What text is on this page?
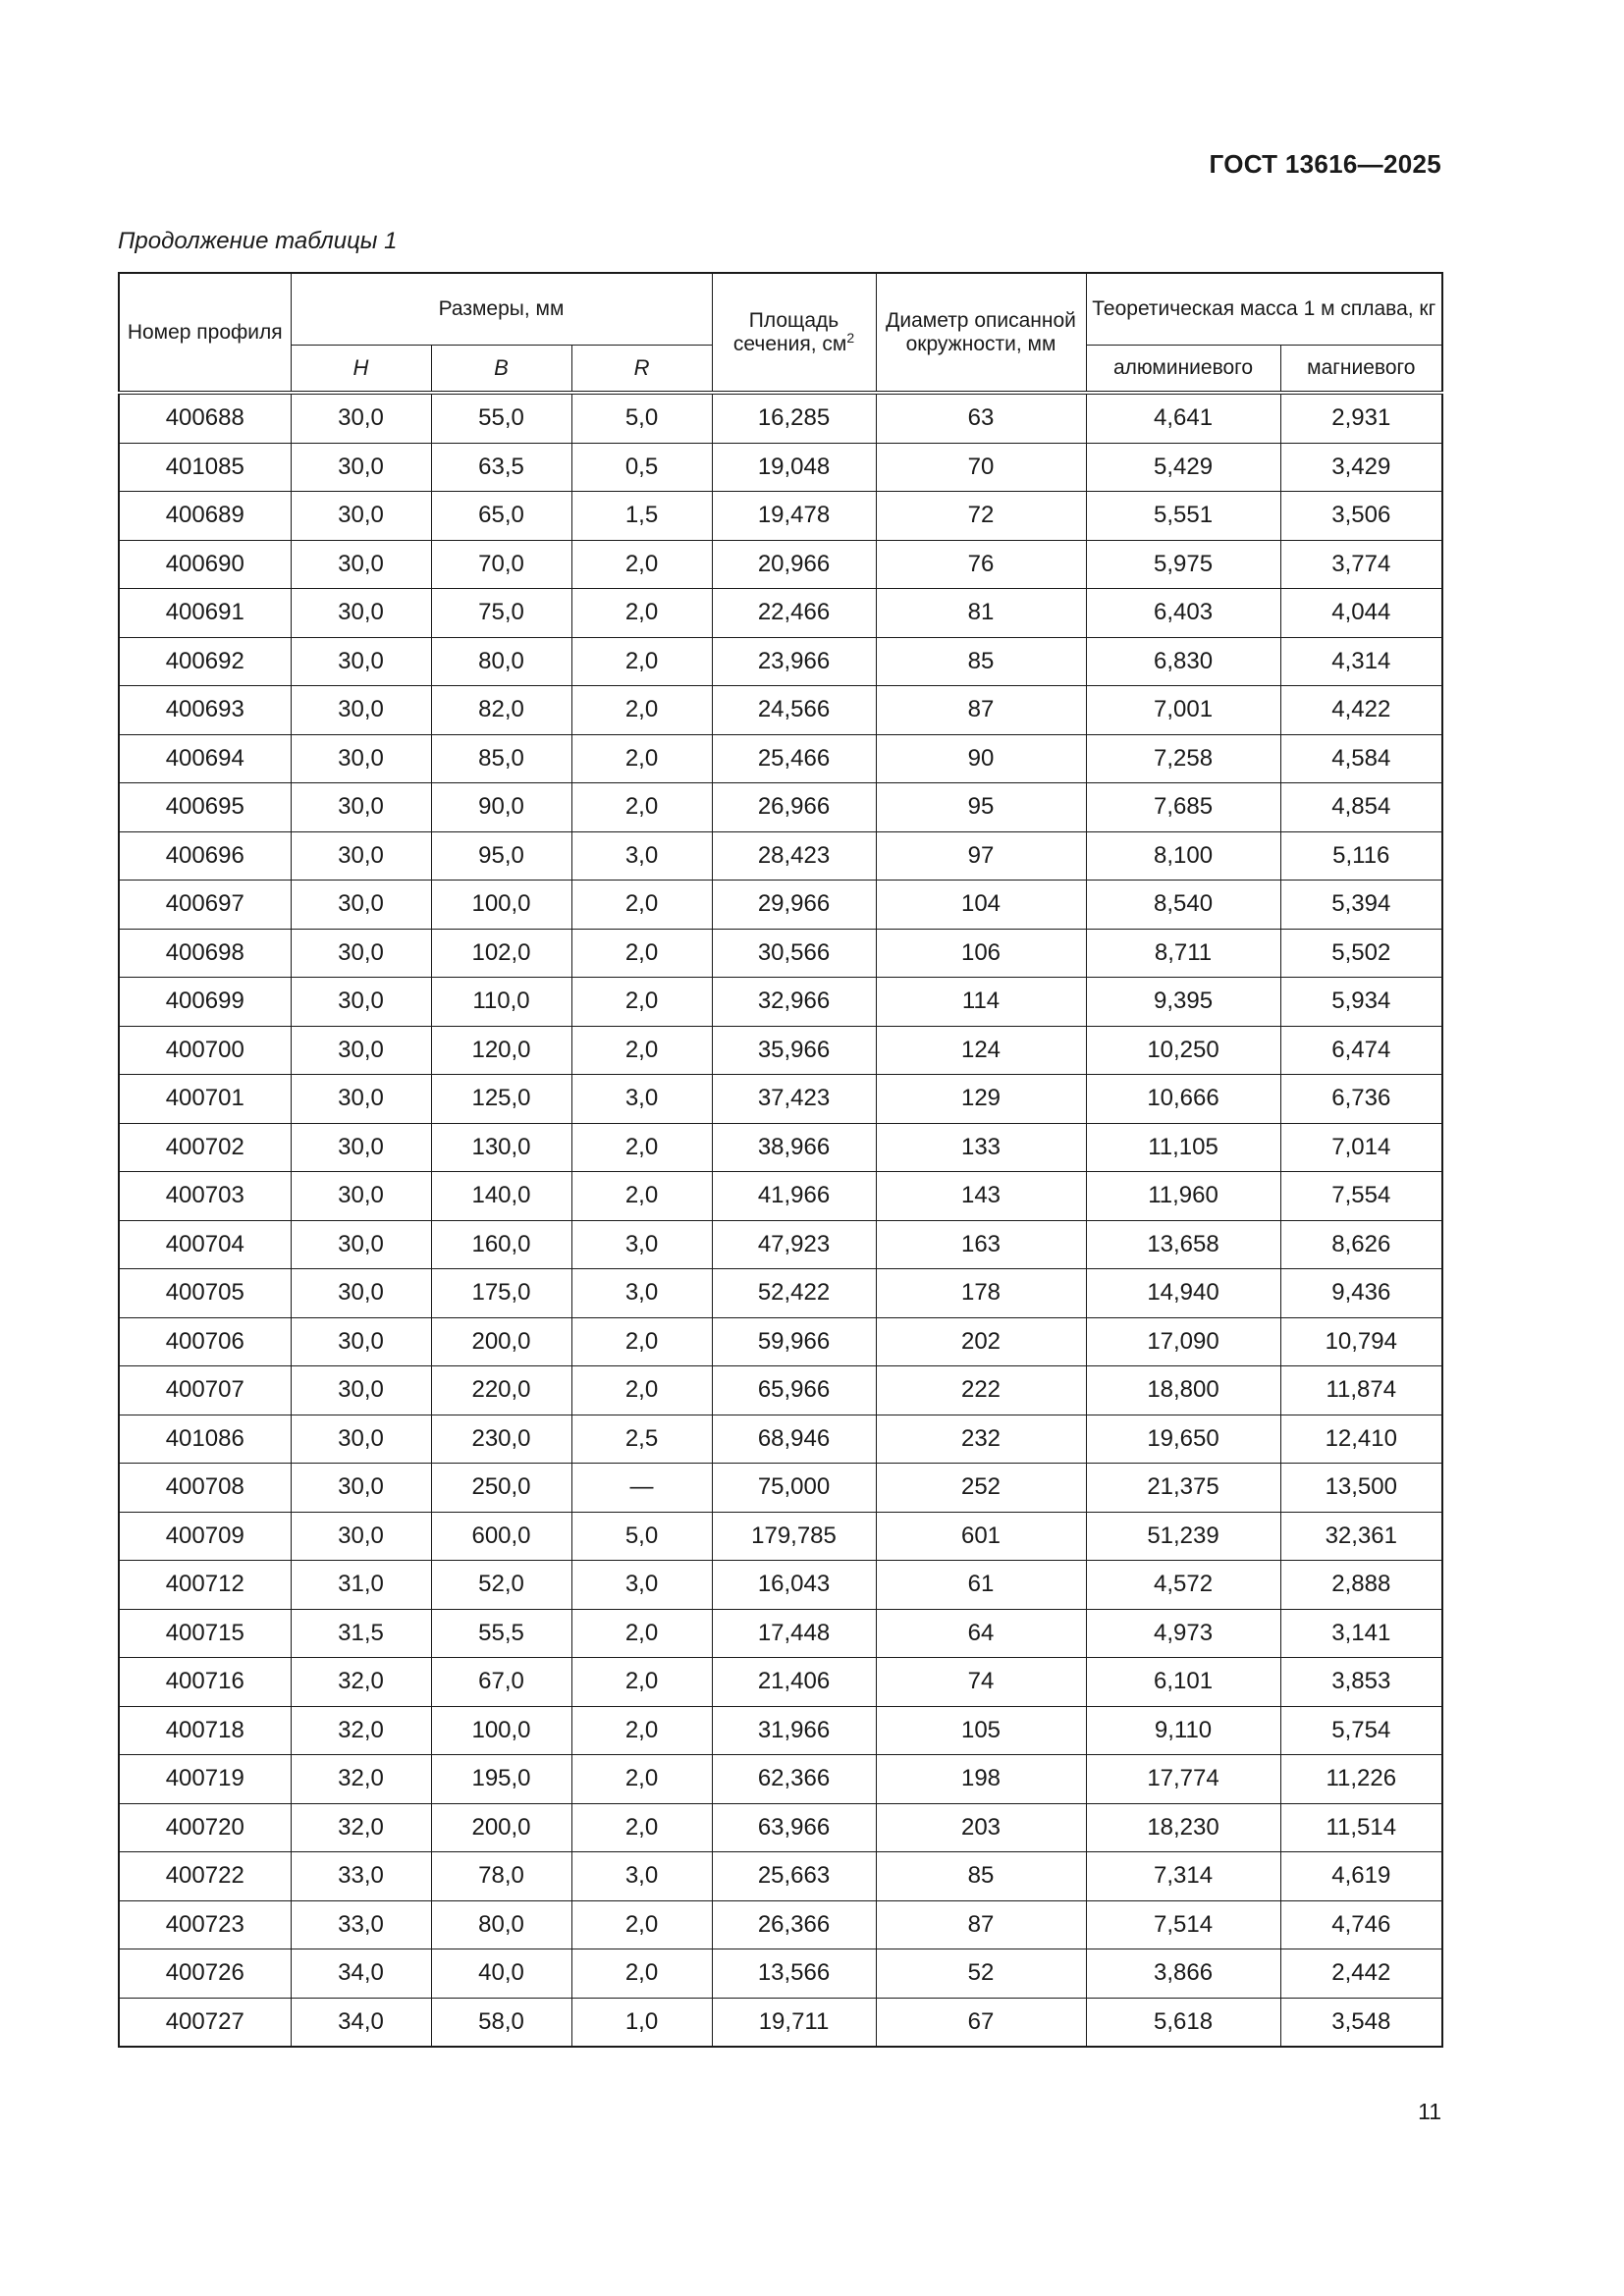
ГОСТ 13616—2025
Продолжение таблицы 1
Номер профиля	Размеры, мм			Площадь сечения, $см^2$	Диаметр описанной окружности, мм	Теоретическая масса 1 м сплава, кг	
	H	B	R			алюминиевого	магниевого
400688	30,0	55,0	5,0	16,285	63	4,641	2,931
401085	30,0	63,5	0,5	19,048	70	5,429	3,429
400689	30,0	65,0	1,5	19,478	72	5,551	3,506
400690	30,0	70,0	2,0	20,966	76	5,975	3,774
400691	30,0	75,0	2,0	22,466	81	6,403	4,044
400692	30,0	80,0	2,0	23,966	85	6,830	4,314
400693	30,0	82,0	2,0	24,566	87	7,001	4,422
400694	30,0	85,0	2,0	25,466	90	7,258	4,584
400695	30,0	90,0	2,0	26,966	95	7,685	4,854
400696	30,0	95,0	3,0	28,423	97	8,100	5,116
400697	30,0	100,0	2,0	29,966	104	8,540	5,394
400698	30,0	102,0	2,0	30,566	106	8,711	5,502
400699	30,0	110,0	2,0	32,966	114	9,395	5,934
400700	30,0	120,0	2,0	35,966	124	10,250	6,474
400701	30,0	125,0	3,0	37,423	129	10,666	6,736
400702	30,0	130,0	2,0	38,966	133	11,105	7,014
400703	30,0	140,0	2,0	41,966	143	11,960	7,554
400704	30,0	160,0	3,0	47,923	163	13,658	8,626
400705	30,0	175,0	3,0	52,422	178	14,940	9,436
400706	30,0	200,0	2,0	59,966	202	17,090	10,794
400707	30,0	220,0	2,0	65,966	222	18,800	11,874
401086	30,0	230,0	2,5	68,946	232	19,650	12,410
400708	30,0	250,0	—	75,000	252	21,375	13,500
400709	30,0	600,0	5,0	179,785	601	51,239	32,361
400712	31,0	52,0	3,0	16,043	61	4,572	2,888
400715	31,5	55,5	2,0	17,448	64	4,973	3,141
400716	32,0	67,0	2,0	21,406	74	6,101	3,853
400718	32,0	100,0	2,0	31,966	105	9,110	5,754
400719	32,0	195,0	2,0	62,366	198	17,774	11,226
400720	32,0	200,0	2,0	63,966	203	18,230	11,514
400722	33,0	78,0	3,0	25,663	85	7,314	4,619
400723	33,0	80,0	2,0	26,366	87	7,514	4,746
400726	34,0	40,0	2,0	13,566	52	3,866	2,442
400727	34,0	58,0	1,0	19,711	67	5,618	3,548
11
